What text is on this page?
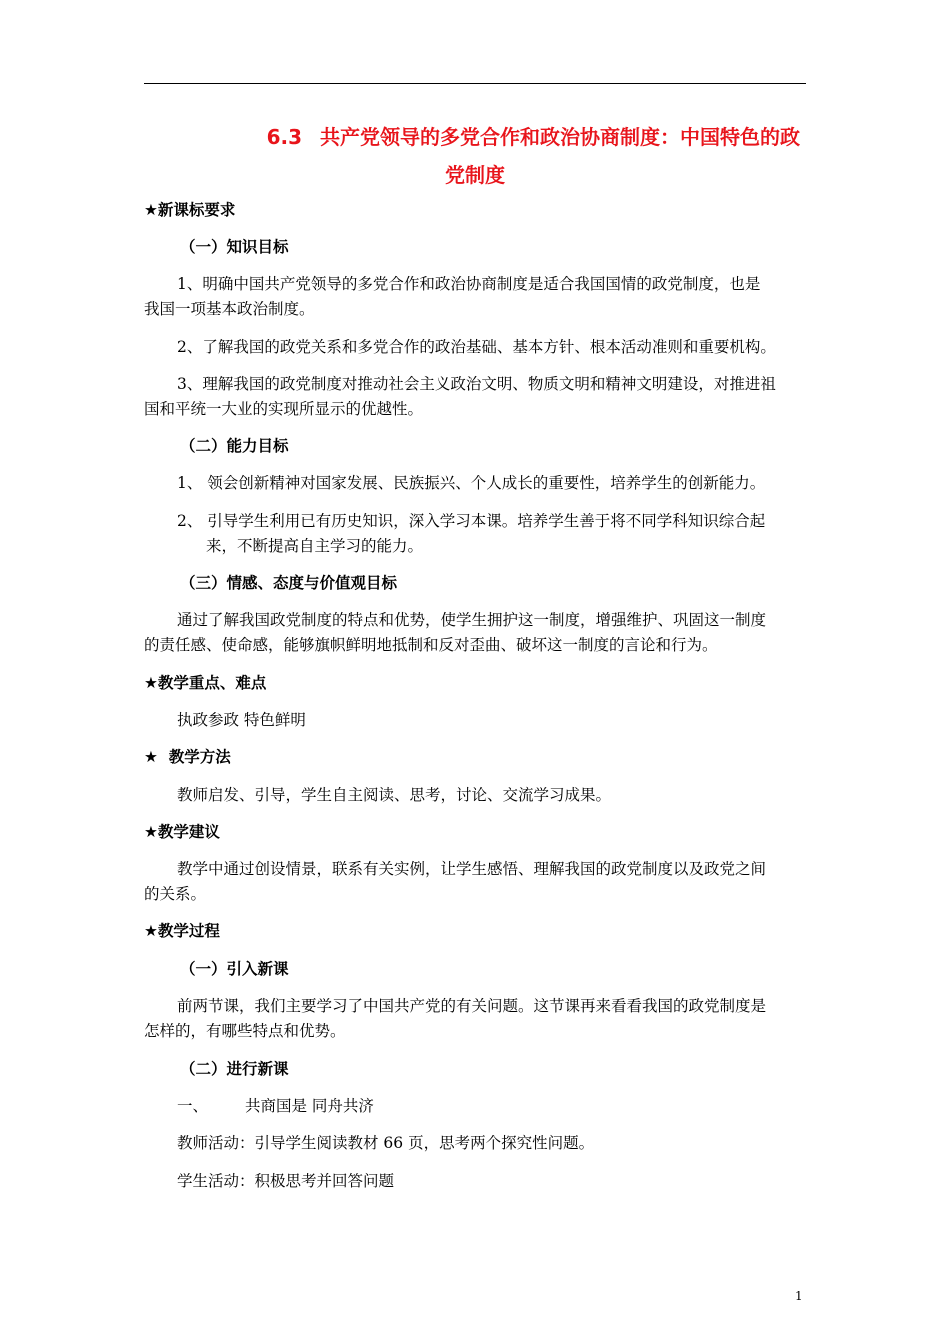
6.3 共产党领导的多党合作和政治协商制度：中国特色的政
党制度
★新课标要求
（一）知识目标
1、明确中国共产党领导的多党合作和政治协商制度是适合我国国情的政党制度，也是
我国一项基本政治制度。
2、了解我国的政党关系和多党合作的政治基础、基本方针、根本活动准则和重要机构。
3、理解我国的政党制度对推动社会主义政治文明、物质文明和精神文明建设，对推进祖
国和平统一大业的实现所显示的优越性。
（二）能力目标
1、 领会创新精神对国家发展、民族振兴、个人成长的重要性，培养学生的创新能力。
2、 引导学生利用已有历史知识，深入学习本课。培养学生善于将不同学科知识综合起
来，不断提高自主学习的能力。
（三）情感、态度与价值观目标
通过了解我国政党制度的特点和优势，使学生拥护这一制度，增强维护、巩固这一制度
的责任感、使命感，能够旗帜鲜明地抵制和反对歪曲、破坏这一制度的言论和行为。
★教学重点、难点
执政参政 特色鲜明
★  教学方法
教师启发、引导，学生自主阅读、思考，讨论、交流学习成果。
★教学建议
教学中通过创设情景，联系有关实例，让学生感悟、理解我国的政党制度以及政党之间
的关系。
★教学过程
（一）引入新课
前两节课，我们主要学习了中国共产党的有关问题。这节课再来看看我国的政党制度是
怎样的，有哪些特点和优势。
（二）进行新课
一、	共商国是 同舟共济
教师活动：引导学生阅读教材 66 页，思考两个探究性问题。
学生活动：积极思考并回答问题
1
